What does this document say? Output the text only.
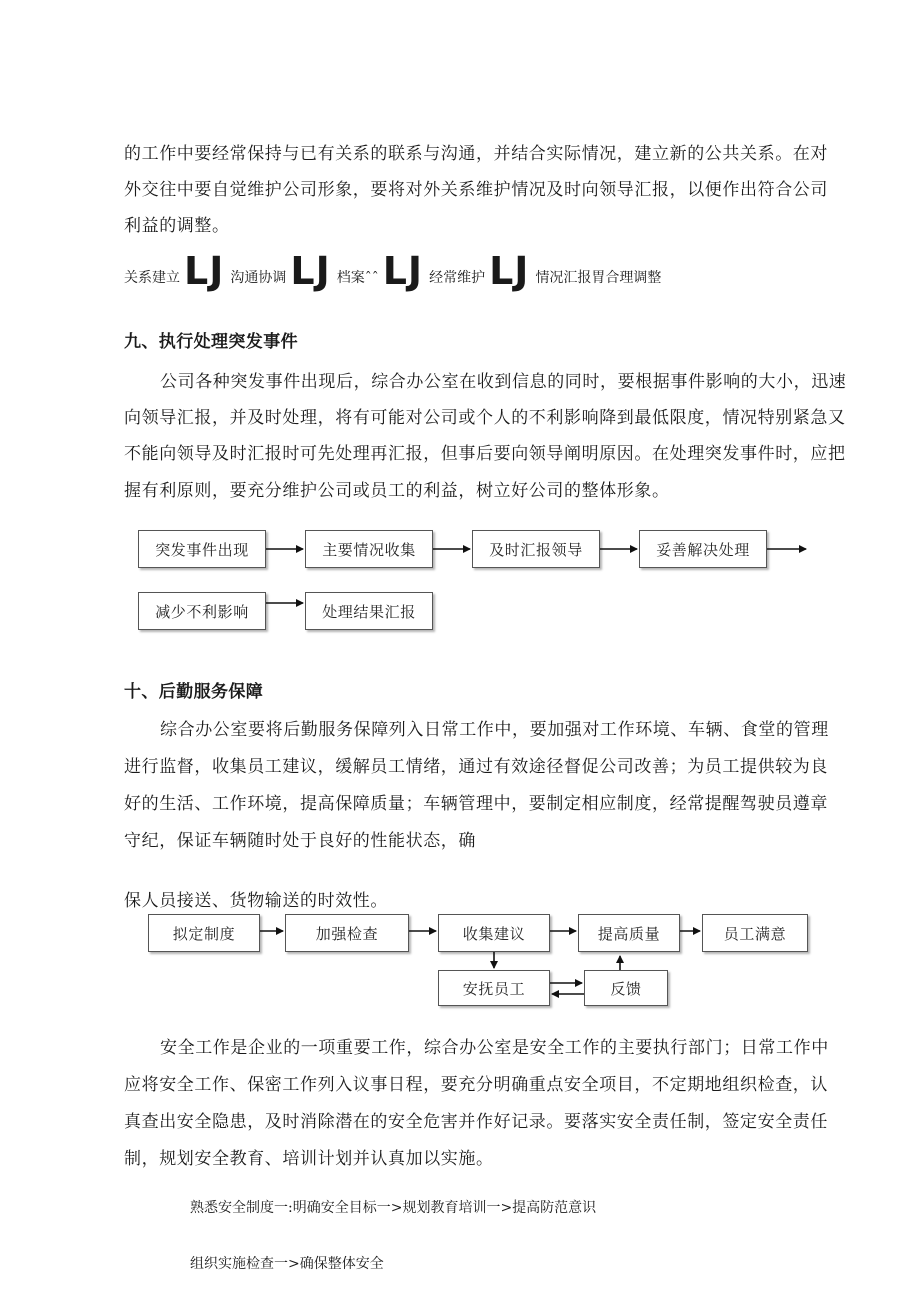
的工作中要经常保持与已有关系的联系与沟通，并结合实际情况，建立新的公共关系。在对
外交往中要自觉维护公司形象，要将对外关系维护情况及时向领导汇报，以便作出符合公司
利益的调整。
关系建立 LJ 沟通协调 LJ 档案ˆˆ LJ 经常维护 LJ 情况汇报胃合理调整
九、执行处理突发事件
公司各种突发事件出现后，综合办公室在收到信息的同时，要根据事件影响的大小，迅速
向领导汇报，并及时处理，将有可能对公司或个人的不利影响降到最低限度，情况特别紧急又
不能向领导及时汇报时可先处理再汇报，但事后要向领导阐明原因。在处理突发事件时，应把
握有利原则，要充分维护公司或员工的利益，树立好公司的整体形象。
突发事件出现	主要情况收集	及时汇报领导	妥善解决处理
减少不利影响	处理结果汇报
十、后勤服务保障
综合办公室要将后勤服务保障列入日常工作中，要加强对工作环境、车辆、食堂的管理
进行监督，收集员工建议，缓解员工情绪，通过有效途径督促公司改善；为员工提供较为良
好的生活、工作环境，提高保障质量；车辆管理中，要制定相应制度，经常提醒驾驶员遵章
守纪，保证车辆随时处于良好的性能状态，确
保人员接送、货物输送的时效性。
拟定制度	加强检查	收集建议	提高质量	员工满意
安抚员工	反馈
安全工作是企业的一项重要工作，综合办公室是安全工作的主要执行部门；日常工作中
应将安全工作、保密工作列入议事日程，要充分明确重点安全项目，不定期地组织检查，认
真查出安全隐患，及时消除潜在的安全危害并作好记录。要落实安全责任制，签定安全责任
制，规划安全教育、培训计划并认真加以实施。
熟悉安全制度一:明确安全目标一>规划教育培训一>提高防范意识
组织实施检查一>确保整体安全
